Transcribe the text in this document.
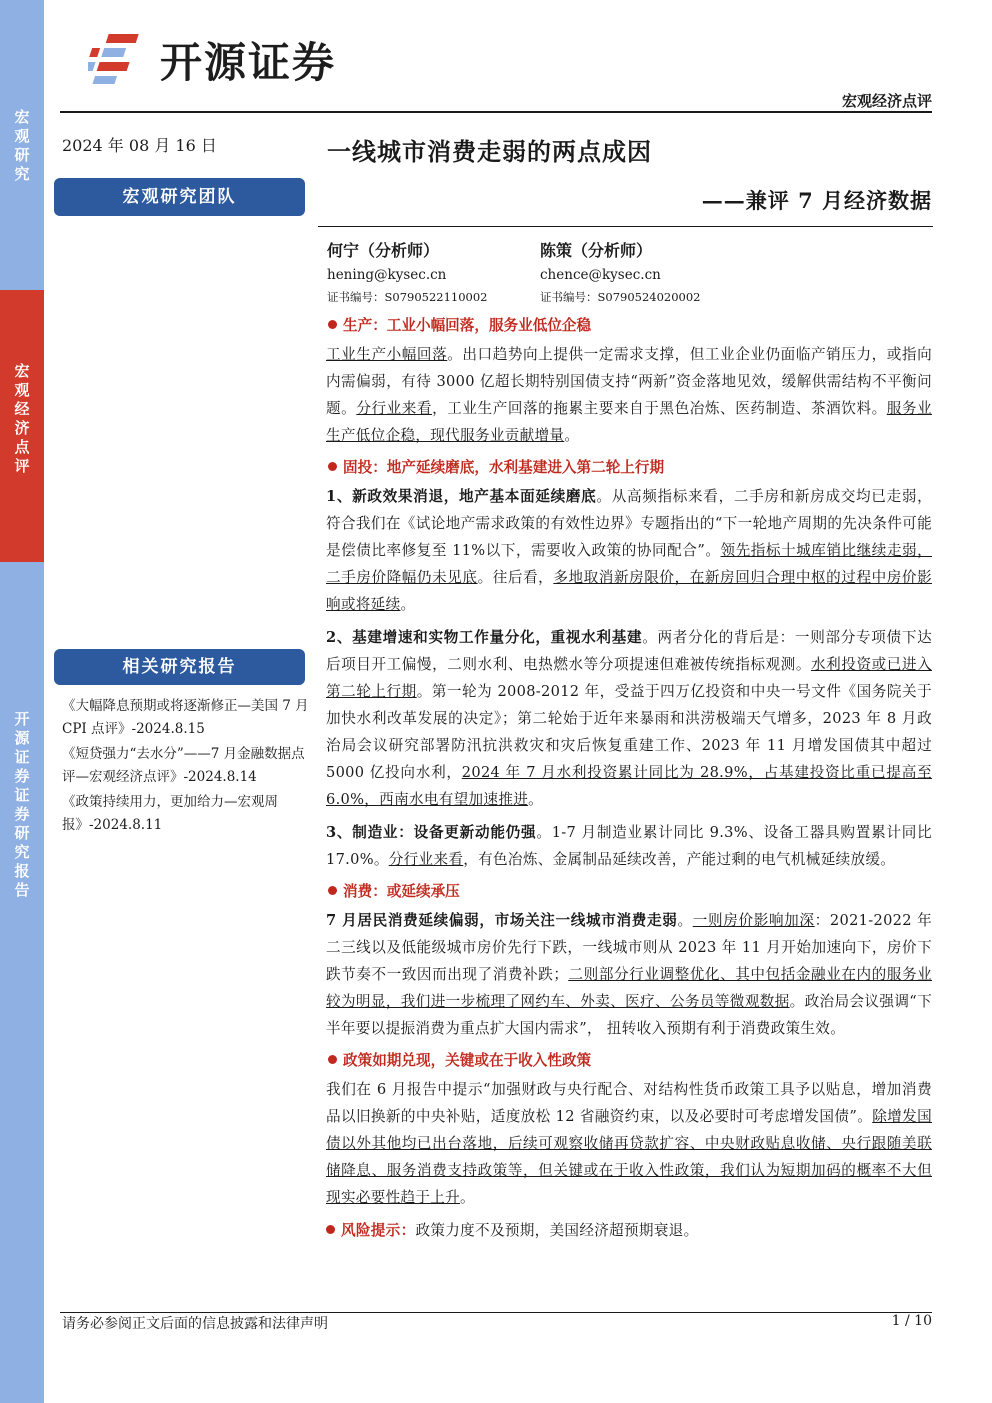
宏观研究
宏观经济点评
开源证券 证券研究报告
开源证券
宏观经济点评
2024 年 08 月 16 日
宏观研究团队
一线城市消费走弱的两点成因
——兼评 7 月经济数据
何宁（分析师）
hening@kysec.cn
证书编号：S0790522110002
陈策（分析师）
chence@kysec.cn
证书编号：S0790524020002
相关研究报告
《大幅降息预期或将逐渐修正—美国 7 月 CPI 点评》-2024.8.15
《短贷强力“去水分”——7 月金融数据点评—宏观经济点评》-2024.8.14
《政策持续用力，更加给力—宏观周报》-2024.8.11
生产：工业小幅回落，服务业低位企稳

工业生产小幅回落。出口趋势向上提供一定需求支撑，但工业企业仍面临产销压力，或指向内需偏弱，有待 3000 亿超长期特别国债支持“两新”资金落地见效，缓解供需结构不平衡问题。分行业来看，工业生产回落的拖累主要来自于黑色冶炼、医药制造、茶酒饮料。服务业生产低位企稳，现代服务业贡献增量。

固投：地产延续磨底，水利基建进入第二轮上行期

1、新政效果消退，地产基本面延续磨底。从高频指标来看，二手房和新房成交均已走弱，符合我们在《试论地产需求政策的有效性边界》专题指出的“下一轮地产周期的先决条件可能是偿债比率修复至 11%以下，需要收入政策的协同配合”。领先指标十城库销比继续走弱，二手房价降幅仍未见底。往后看，多地取消新房限价，在新房回归合理中枢的过程中房价影响或将延续。

2、基建增速和实物工作量分化，重视水利基建。两者分化的背后是：一则部分专项债下达后项目开工偏慢，二则水利、电热燃水等分项提速但难被传统指标观测。水利投资或已进入第二轮上行期。第一轮为 2008-2012 年，受益于四万亿投资和中央一号文件《国务院关于加快水利改革发展的决定》；第二轮始于近年来暴雨和洪涝极端天气增多，2023 年 8 月政治局会议研究部署防汛抗洪救灾和灾后恢复重建工作、2023 年 11 月增发国债其中超过 5000 亿投向水利，2024 年 7 月水利投资累计同比为 28.9%，占基建投资比重已提高至 6.0%，西南水电有望加速推进。

3、制造业：设备更新动能仍强。1-7 月制造业累计同比 9.3%、设备工器具购置累计同比 17.0%。分行业来看，有色冶炼、金属制品延续改善，产能过剩的电气机械延续放缓。

消费：或延续承压

7 月居民消费延续偏弱，市场关注一线城市消费走弱。一则房价影响加深：2021-2022 年二三线以及低能级城市房价先行下跌，一线城市则从 2023 年 11 月开始加速向下，房价下跌节奏不一致因而出现了消费补跌；二则部分行业调整优化、其中包括金融业在内的服务业较为明显，我们进一步梳理了网约车、外卖、医疗、公务员等微观数据。政治局会议强调“下半年要以提振消费为重点扩大国内需求”， 扭转收入预期有利于消费政策生效。

政策如期兑现，关键或在于收入性政策

我们在 6 月报告中提示“加强财政与央行配合、对结构性货币政策工具予以贴息，增加消费品以旧换新的中央补贴，适度放松 12 省融资约束，以及必要时可考虑增发国债”。除增发国债以外其他均已出台落地，后续可观察收储再贷款扩容、中央财政贴息收储、央行跟随美联储降息、服务消费支持政策等，但关键或在于收入性政策，我们认为短期加码的概率不大但现实必要性趋于上升。

风险提示：政策力度不及预期，美国经济超预期衰退。

请务必参阅正文后面的信息披露和法律声明	1 / 10
